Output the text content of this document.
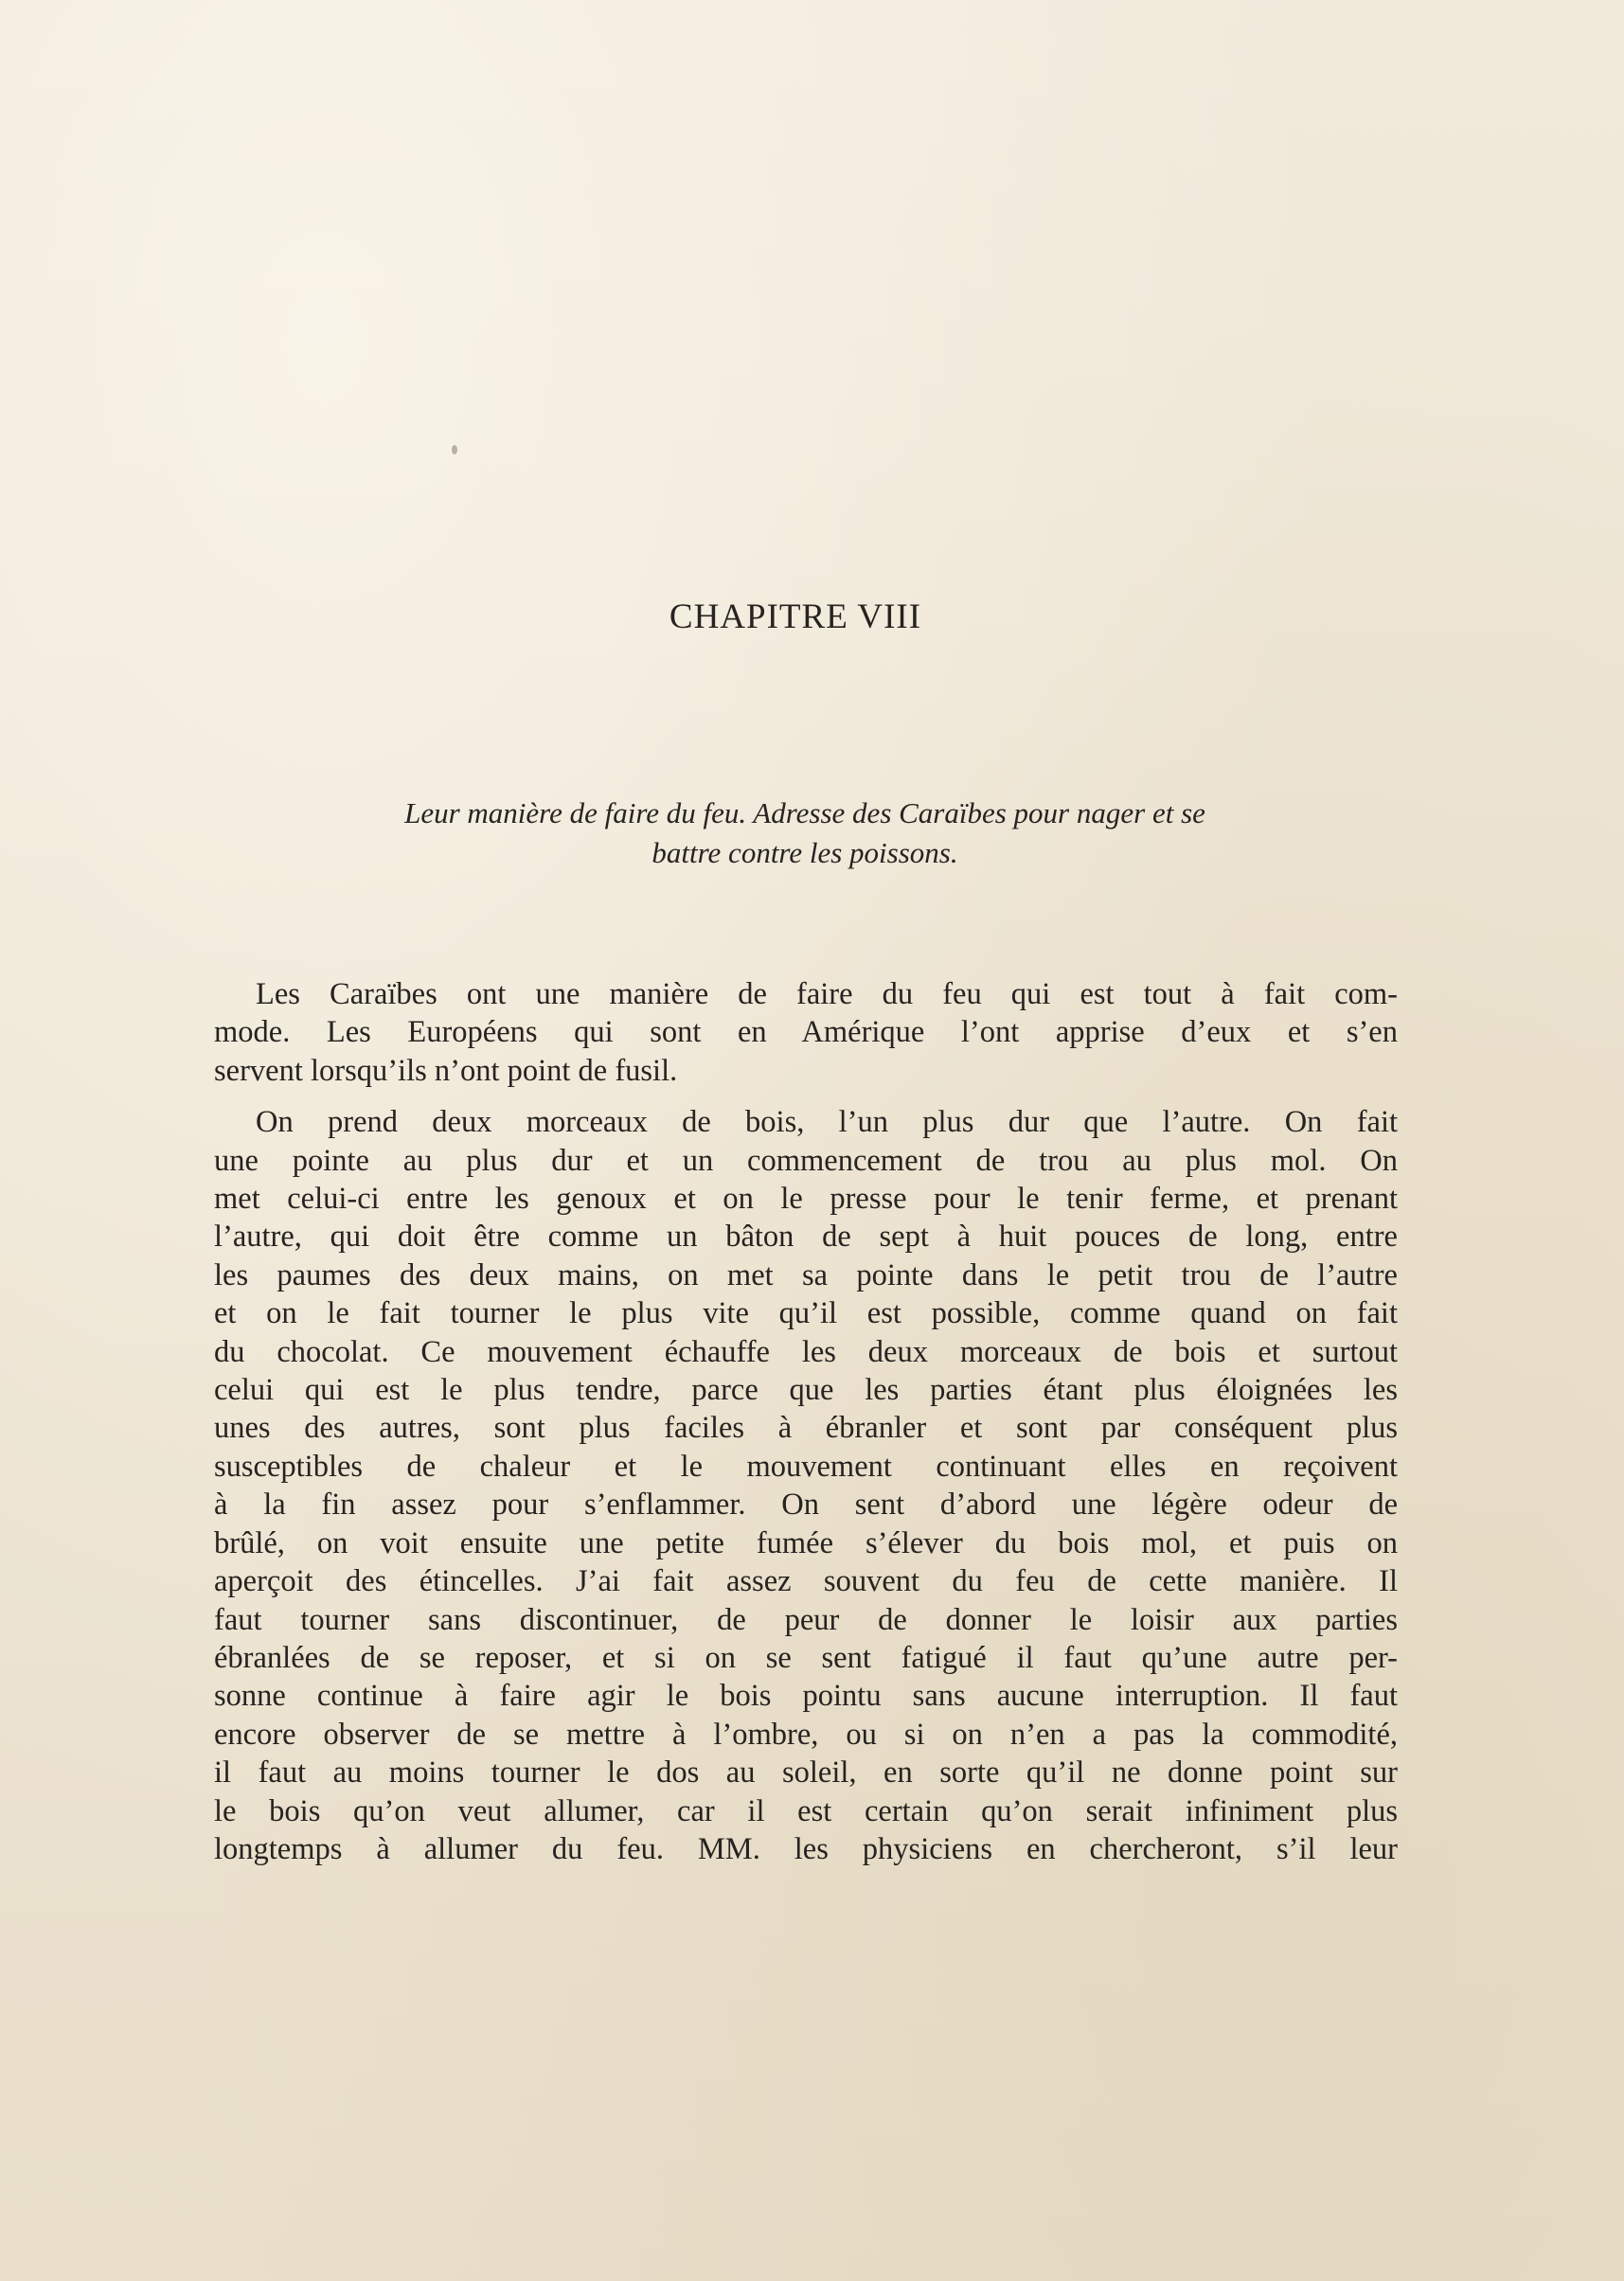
CHAPITRE VIII

Leur manière de faire du feu. Adresse des Caraïbes pour nager et se
battre contre les poissons.

Les Caraïbes ont une manière de faire du feu qui est tout à fait com-
mode. Les Européens qui sont en Amérique l’ont apprise d’eux et s’en
servent lorsqu’ils n’ont point de fusil.
On prend deux morceaux de bois, l’un plus dur que l’autre. On fait
une pointe au plus dur et un commencement de trou au plus mol. On
met celui-ci entre les genoux et on le presse pour le tenir ferme, et prenant
l’autre, qui doit être comme un bâton de sept à huit pouces de long, entre
les paumes des deux mains, on met sa pointe dans le petit trou de l’autre
et on le fait tourner le plus vite qu’il est possible, comme quand on fait
du chocolat. Ce mouvement échauffe les deux morceaux de bois et surtout
celui qui est le plus tendre, parce que les parties étant plus éloignées les
unes des autres, sont plus faciles à ébranler et sont par conséquent plus
susceptibles de chaleur et le mouvement continuant elles en reçoivent
à la fin assez pour s’enflammer. On sent d’abord une légère odeur de
brûlé, on voit ensuite une petite fumée s’élever du bois mol, et puis on
aperçoit des étincelles. J’ai fait assez souvent du feu de cette manière. Il
faut tourner sans discontinuer, de peur de donner le loisir aux parties
ébranlées de se reposer, et si on se sent fatigué il faut qu’une autre per-
sonne continue à faire agir le bois pointu sans aucune interruption. Il faut
encore observer de se mettre à l’ombre, ou si on n’en a pas la commodité,
il faut au moins tourner le dos au soleil, en sorte qu’il ne donne point sur
le bois qu’on veut allumer, car il est certain qu’on serait infiniment plus
longtemps à allumer du feu. MM. les physiciens en chercheront, s’il leur
